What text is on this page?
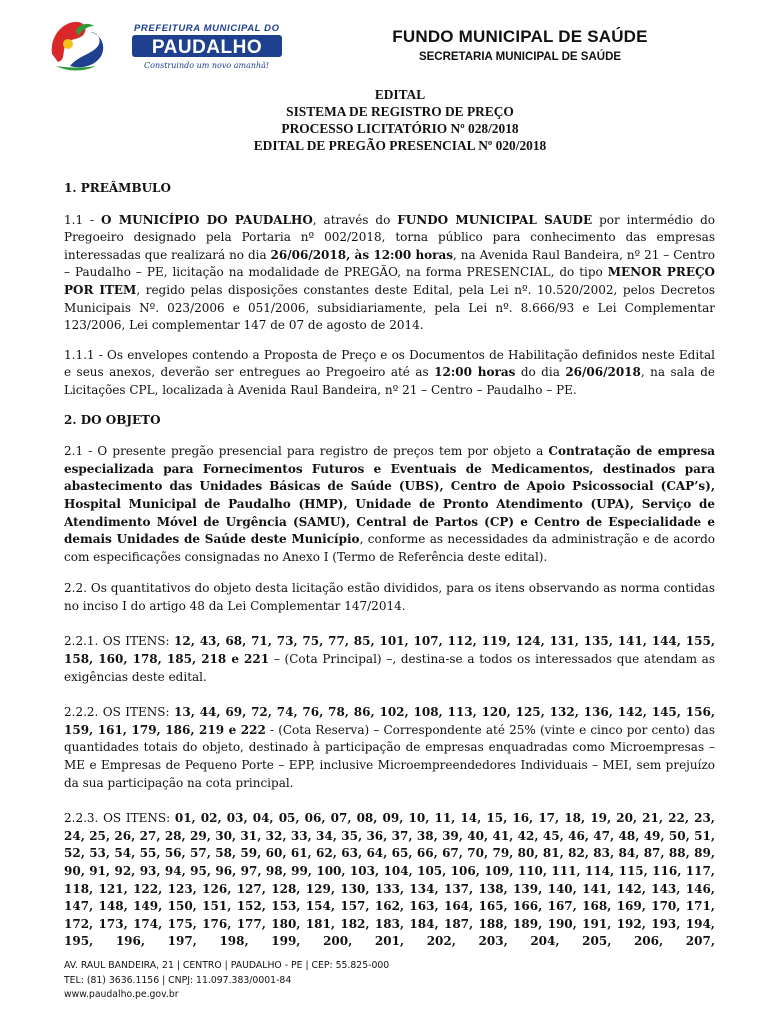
PREFEITURA MUNICIPAL DO
PAUDALHO
Construindo um novo amanhã!
FUNDO MUNICIPAL DE SAÚDE
SECRETARIA MUNICIPAL DE SAÚDE
EDITAL
SISTEMA DE REGISTRO DE PREÇO
PROCESSO LICITATÓRIO Nº 028/2018
EDITAL DE PREGÃO PRESENCIAL Nº 020/2018

1. PREÂMBULO

1.1 - O MUNICÍPIO DO PAUDALHO, através do FUNDO MUNICIPAL SAUDE por intermédio do Pregoeiro designado pela Portaria nº 002/2018, torna público para conhecimento das empresas interessadas que realizará no dia 26/06/2018, às 12:00 horas, na Avenida Raul Bandeira, nº 21 – Centro – Paudalho – PE, licitação na modalidade de PREGÃO, na forma PRESENCIAL, do tipo MENOR PREÇO POR ITEM, regido pelas disposições constantes deste Edital, pela Lei nº. 10.520/2002, pelos Decretos Municipais Nº. 023/2006 e 051/2006, subsidiariamente, pela Lei nº. 8.666/93 e Lei Complementar 123/2006, Lei complementar 147 de 07 de agosto de 2014.

1.1.1 - Os envelopes contendo a Proposta de Preço e os Documentos de Habilitação definidos neste Edital e seus anexos, deverão ser entregues ao Pregoeiro até as 12:00 horas do dia 26/06/2018, na sala de Licitações CPL, localizada à Avenida Raul Bandeira, nº 21 – Centro – Paudalho – PE.

2. DO OBJETO

2.1 - O presente pregão presencial para registro de preços tem por objeto a Contratação de empresa especializada para Fornecimentos Futuros e Eventuais de Medicamentos, destinados para abastecimento das Unidades Básicas de Saúde (UBS), Centro de Apoio Psicossocial (CAP’s), Hospital Municipal de Paudalho (HMP), Unidade de Pronto Atendimento (UPA), Serviço de Atendimento Móvel de Urgência (SAMU), Central de Partos (CP) e Centro de Especialidade e demais Unidades de Saúde deste Município, conforme as necessidades da administração e de acordo com especificações consignadas no Anexo I (Termo de Referência deste edital).

2.2. Os quantitativos do objeto desta licitação estão divididos, para os itens observando as norma contidas no inciso I do artigo 48 da Lei Complementar 147/2014.

2.2.1. OS ITENS: 12, 43, 68, 71, 73, 75, 77, 85, 101, 107, 112, 119, 124, 131, 135, 141, 144, 155, 158, 160, 178, 185, 218 e 221 – (Cota Principal) –, destina-se a todos os interessados que atendam as exigências deste edital.

2.2.2. OS ITENS: 13, 44, 69, 72, 74, 76, 78, 86, 102, 108, 113, 120, 125, 132, 136, 142, 145, 156, 159, 161, 179, 186, 219 e 222 - (Cota Reserva) – Correspondente até 25% (vinte e cinco por cento) das quantidades totais do objeto, destinado à participação de empresas enquadradas como Microempresas – ME e Empresas de Pequeno Porte – EPP, inclusive Microempreendedores Individuais – MEI, sem prejuízo da sua participação na cota principal.

2.2.3. OS ITENS: 01, 02, 03, 04, 05, 06, 07, 08, 09, 10, 11, 14, 15, 16, 17, 18, 19, 20, 21, 22, 23, 24, 25, 26, 27, 28, 29, 30, 31, 32, 33, 34, 35, 36, 37, 38, 39, 40, 41, 42, 45, 46, 47, 48, 49, 50, 51, 52, 53, 54, 55, 56, 57, 58, 59, 60, 61, 62, 63, 64, 65, 66, 67, 70, 79, 80, 81, 82, 83, 84, 87, 88, 89, 90, 91, 92, 93, 94, 95, 96, 97, 98, 99, 100, 103, 104, 105, 106, 109, 110, 111, 114, 115, 116, 117, 118, 121, 122, 123, 126, 127, 128, 129, 130, 133, 134, 137, 138, 139, 140, 141, 142, 143, 146, 147, 148, 149, 150, 151, 152, 153, 154, 157, 162, 163, 164, 165, 166, 167, 168, 169, 170, 171, 172, 173, 174, 175, 176, 177, 180, 181, 182, 183, 184, 187, 188, 189, 190, 191, 192, 193, 194, 195, 196, 197, 198, 199, 200, 201, 202, 203, 204, 205, 206, 207,

AV. RAUL BANDEIRA, 21 | CENTRO | PAUDALHO - PE | CEP: 55.825-000
TEL: (81) 3636.1156 | CNPJ: 11.097.383/0001-84
www.paudalho.pe.gov.br
